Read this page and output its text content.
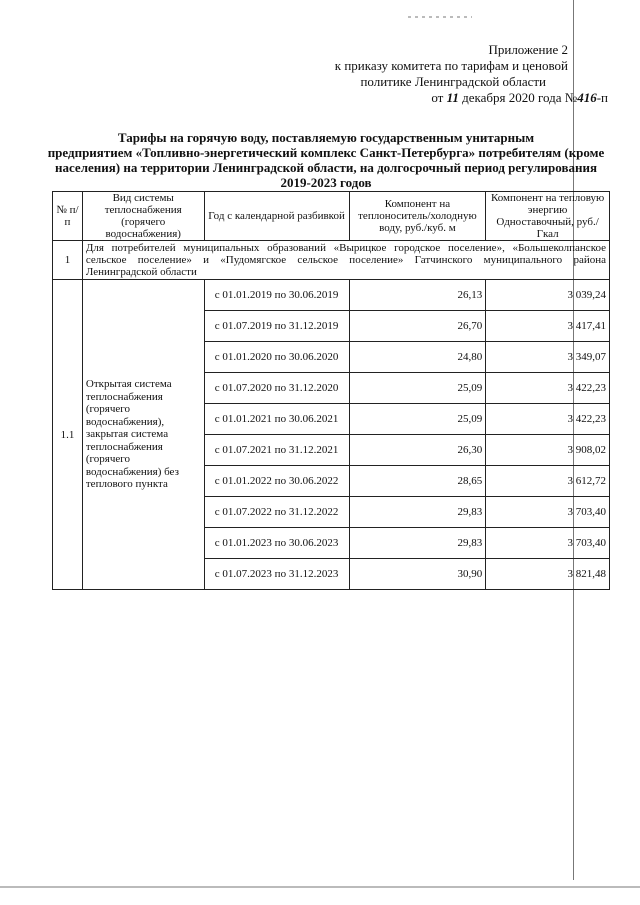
Приложение 2
к приказу комитета по тарифам и ценовой
политике Ленинградской области
от 11 декабря 2020 года №416-п
Тарифы на горячую воду, поставляемую государственным унитарным
предприятием «Топливно-энергетический комплекс Санкт-Петербурга» потребителям (кроме
населения) на территории Ленинградской области, на долгосрочный период регулирования
2019-2023 годов
№ п/п	Вид системы теплоснабжения (горячего водоснабжения)	Год с календарной разбивкой	Компонент на теплоноситель/холодную воду, руб./куб. м	Компонент на тепловую энергию Одноставочный, руб./Гкал
1	Для потребителей муниципальных образований «Вырицкое городское поселение», «Большеколпанское сельское поселение» и «Пудомягское сельское поселение» Гатчинского муниципального района Ленинградской области			
1.1	Открытая система теплоснабжения (горячего водоснабжения), закрытая система теплоснабжения (горячего водоснабжения) без теплового пункта	с 01.01.2019 по 30.06.2019	26,13	3 039,24
		с 01.07.2019 по 31.12.2019	26,70	3 417,41
		с 01.01.2020 по 30.06.2020	24,80	3 349,07
		с 01.07.2020 по 31.12.2020	25,09	3 422,23
		с 01.01.2021 по 30.06.2021	25,09	3 422,23
		с 01.07.2021 по 31.12.2021	26,30	3 908,02
		с 01.01.2022 по 30.06.2022	28,65	3 612,72
		с 01.07.2022 по 31.12.2022	29,83	3 703,40
		с 01.01.2023 по 30.06.2023	29,83	3 703,40
		с 01.07.2023 по 31.12.2023	30,90	3 821,48
